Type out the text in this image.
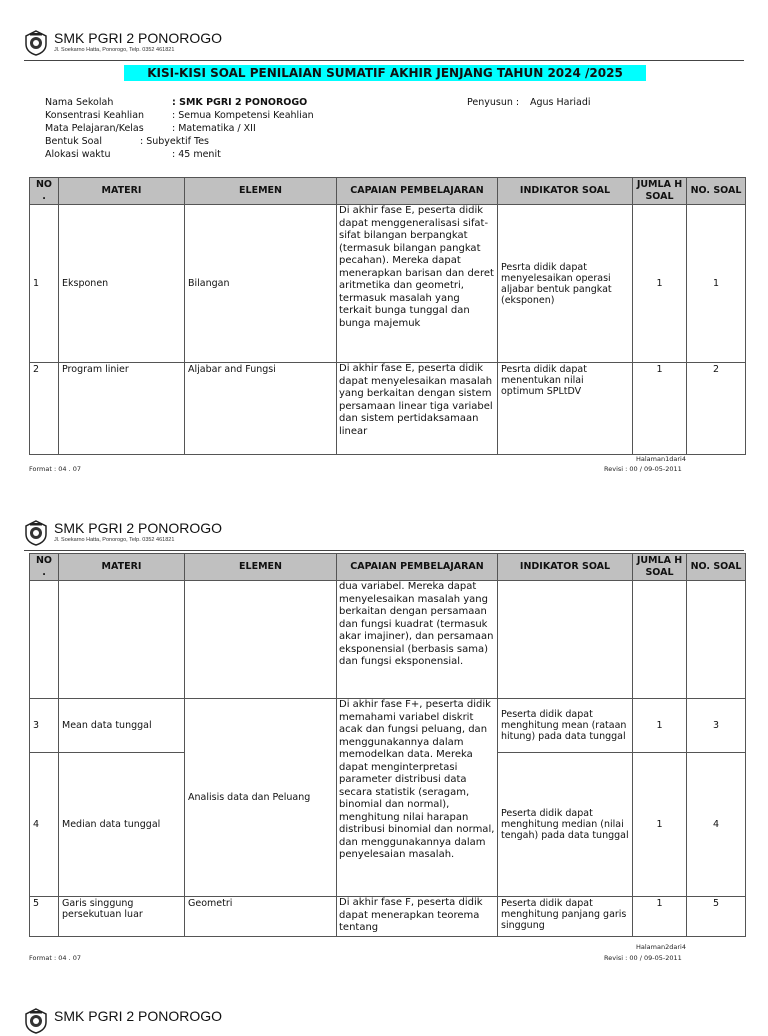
SMK PGRI 2 PONOROGO
Jl. Soekarno Hatta, Ponorogo, Telp. 0352 461821
KISI-KISI SOAL PENILAIAN SUMATIF AKHIR JENJANG TAHUN 2024 /2025
Nama Sekolah	: SMK PGRI 2 PONOROGO
Konsentrasi Keahlian	: Semua Kompetensi Keahlian
Mata Pelajaran/Kelas	: Matematika / XII
Bentuk Soal	: Subyektif Tes
Alokasi waktu	: 45 menit
Penyusun : Agus Hariadi
NO .	MATERI	ELEMEN	CAPAIAN PEMBELAJARAN	INDIKATOR SOAL	JUMLA H SOAL	NO. SOAL
1	Eksponen	Bilangan	Di akhir fase E, peserta didik dapat menggeneralisasi sifat-sifat bilangan berpangkat (termasuk bilangan pangkat pecahan). Mereka dapat menerapkan barisan dan deret aritmetika dan geometri, termasuk masalah yang terkait bunga tunggal dan bunga majemuk	Pesrta didik dapat menyelesaikan operasi aljabar bentuk pangkat (eksponen)	1	1
2	Program linier	Aljabar and Fungsi	Di akhir fase E, peserta didik dapat menyelesaikan masalah yang berkaitan dengan sistem persamaan linear tiga variabel dan sistem pertidaksamaan linear	Pesrta didik dapat menentukan nilai optimum SPLtDV	1	2
Halaman1dari4
Format : 04 . 07	Revisi : 00 / 09-05-2011
SMK PGRI 2 PONOROGO
Jl. Soekarno Hatta, Ponorogo, Telp. 0352 461821
NO .	MATERI	ELEMEN	CAPAIAN PEMBELAJARAN	INDIKATOR SOAL	JUMLA H SOAL	NO. SOAL
			dua variabel. Mereka dapat menyelesaikan masalah yang berkaitan dengan persamaan dan fungsi kuadrat (termasuk akar imajiner), dan persamaan eksponensial (berbasis sama) dan fungsi eksponensial.			
3	Mean data tunggal	Analisis data dan Peluang	Di akhir fase F+, peserta didik memahami variabel diskrit acak dan fungsi peluang, dan menggunakannya dalam memodelkan data. Mereka dapat menginterpretasi parameter distribusi data secara statistik (seragam, binomial dan normal), menghitung nilai harapan distribusi binomial dan normal, dan menggunakannya dalam penyelesaian masalah.	Peserta didik dapat menghitung mean (rataan hitung) pada data tunggal	1	3
4	Median data tunggal			Peserta didik dapat menghitung median (nilai tengah) pada data tunggal	1	4
5	Garis singgung persekutuan luar	Geometri	Di akhir fase F, peserta didik dapat menerapkan teorema tentang	Peserta didik dapat menghitung panjang garis singgung	1	5
Halaman2dari4
Format : 04 . 07	Revisi : 00 / 09-05-2011
SMK PGRI 2 PONOROGO
